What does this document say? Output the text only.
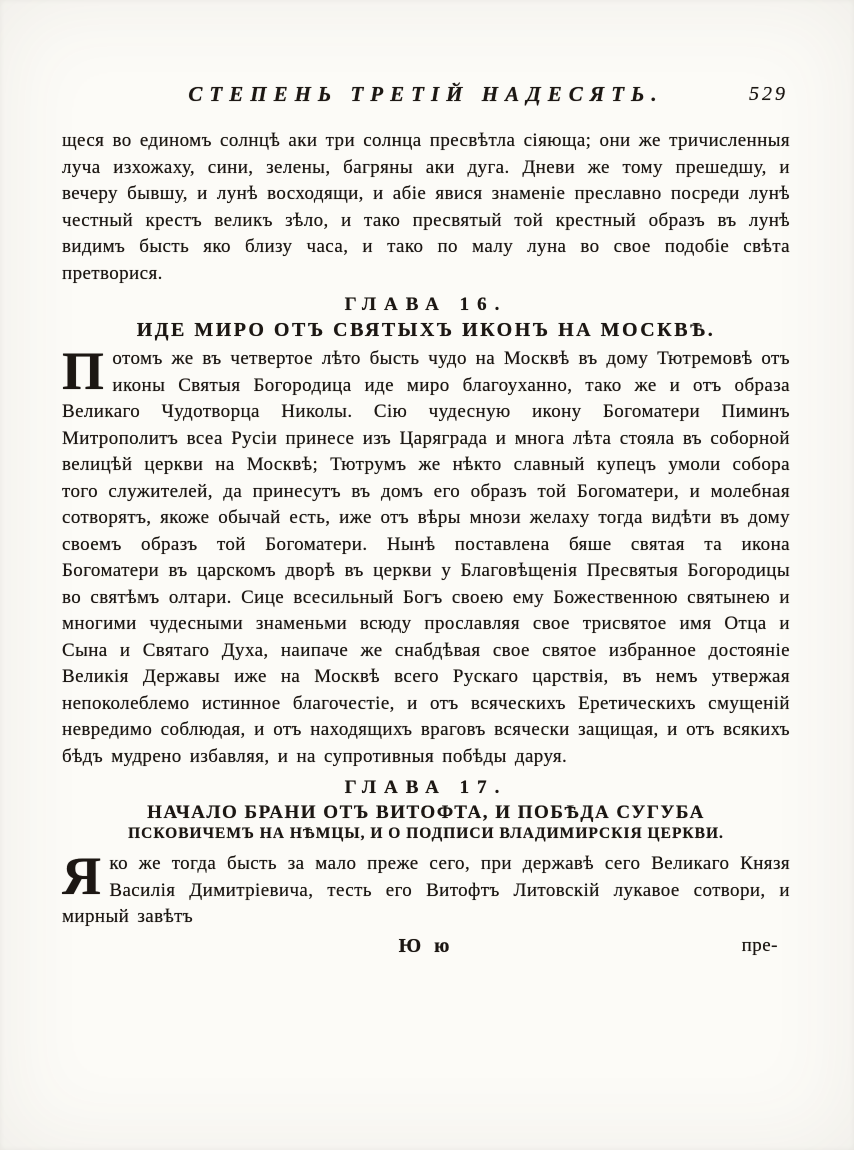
СТЕПЕНЬ ТРЕТІЙ НАДЕСЯТЬ.	529

щеся во единомъ солнцѣ аки три солнца пресвѣтла сіяюща; они же тричисленныя луча изхожаху, сини, зелены, багряны аки дуга. Дневи же тому прешедшу, и вечеру бывшу, и лунѣ восходящи, и абіе явися знаменіе преславно посреди лунѣ честный крестъ великъ зѣло, и тако пресвятый той крестный образъ въ лунѣ видимъ бысть яко близу часа, и тако по малу луна во свое подобіе свѣта претворися.

ГЛАВА 16.
ИДЕ МИРО ОТЪ СВЯТЫХЪ ИКОНЪ НА МОСКВѢ.

Потомъ же въ четвертое лѣто бысть чудо на Москвѣ въ дому Тютремовѣ отъ иконы Святыя Богородица иде миро благоуханно, тако же и отъ образа Великаго Чудотворца Николы. Сію чудесную икону Богоматери Пиминъ Митрополитъ всеа Русіи принесе изъ Царяграда и многа лѣта стояла въ соборной велицѣй церкви на Москвѣ; Тютрумъ же нѣкто славный купецъ умоли собора того служителей, да принесутъ въ домъ его образъ той Богоматери, и молебная сотворятъ, якоже обычай есть, иже отъ вѣры мнози желаху тогда видѣти въ дому своемъ образъ той Богоматери. Нынѣ поставлена бяше святая та икона Богоматери въ царскомъ дворѣ въ церкви у Благовѣщенія Пресвятыя Богородицы во святѣмъ олтари. Сице всесильный Богъ своею ему Божественною святынею и многими чудесными знаменьми всюду прославляя свое трисвятое имя Отца и Сына и Святаго Духа, наипаче же снабдѣвая свое святое избранное достояніе Великія Державы иже на Москвѣ всего Рускаго царствія, въ немъ утвержая непоколеблемо истинное благочестіе, и отъ всяческихъ Еретическихъ смущеній невредимо соблюдая, и отъ находящихъ враговъ всячески защищая, и отъ всякихъ бѣдъ мудрено избавляя, и на супротивныя побѣды даруя.

ГЛАВА 17.
НАЧАЛО БРАНИ ОТЪ ВИТОФТА, И ПОБѢДА СУГУБА
ПСКОВИЧЕМЪ НА НѢМЦЫ, И О ПОДПИСИ ВЛАДИМИРСКІЯ ЦЕРКВИ.

Яко же тогда бысть за мало преже сего, при державѣ сего Великаго Князя Василія Димитріевича, тесть его Витофтъ Литовскій лукавое сотвори, и мирный завѣтъ

Ю ю	пре-
